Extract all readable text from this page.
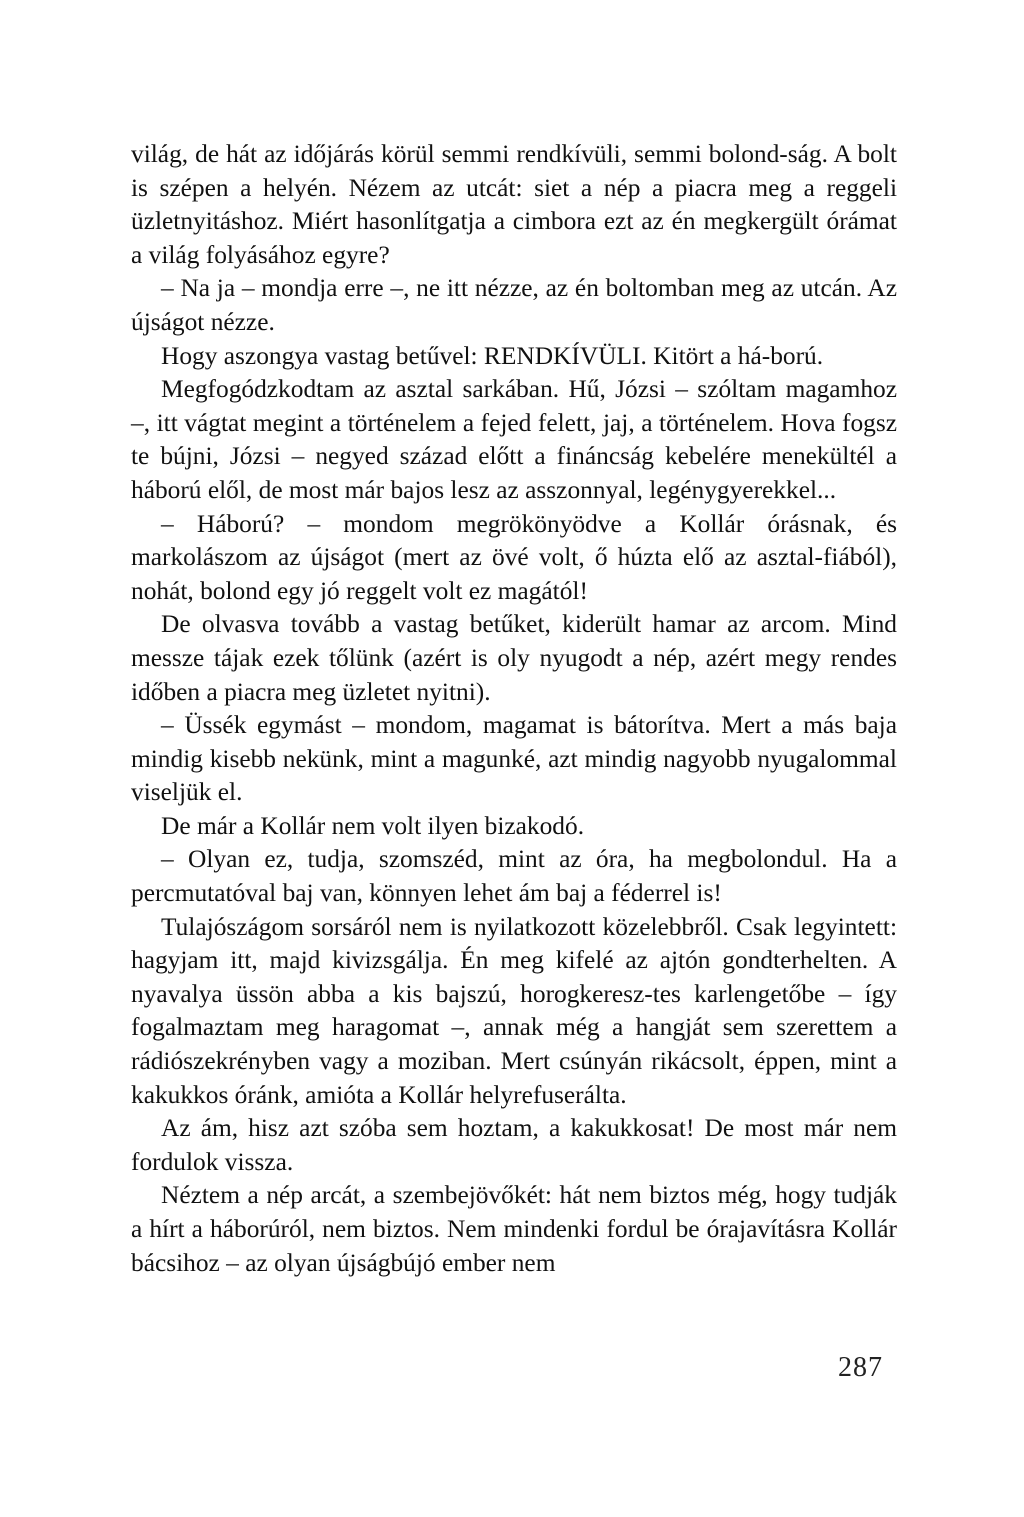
világ, de hát az időjárás körül semmi rendkívüli, semmi bolond-ság. A bolt is szépen a helyén. Nézem az utcát: siet a nép a piacra meg a reggeli üzletnyitáshoz. Miért hasonlítgatja a cimbora ezt az én megkergült órámat a világ folyásához egyre?

– Na ja – mondja erre –, ne itt nézze, az én boltomban meg az utcán. Az újságot nézze.

Hogy aszongya vastag betűvel: RENDKÍVÜLI. Kitört a há-ború.

Megfogódzkodtam az asztal sarkában. Hű, Józsi – szóltam magamhoz –, itt vágtat megint a történelem a fejed felett, jaj, a történelem. Hova fogsz te bújni, Józsi – negyed század előtt a fináncság kebelére menekültél a háború elől, de most már bajos lesz az asszonnyal, legénygyerekkel...

– Háború? – mondom megrökönyödve a Kollár órásnak, és markolászom az újságot (mert az övé volt, ő húzta elő az asztal-fiából), nohát, bolond egy jó reggelt volt ez magától!

De olvasva tovább a vastag betűket, kiderült hamar az arcom. Mind messze tájak ezek tőlünk (azért is oly nyugodt a nép, azért megy rendes időben a piacra meg üzletet nyitni).

– Üssék egymást – mondom, magamat is bátorítva. Mert a más baja mindig kisebb nekünk, mint a magunké, azt mindig nagyobb nyugalommal viseljük el.

De már a Kollár nem volt ilyen bizakodó.

– Olyan ez, tudja, szomszéd, mint az óra, ha megbolondul. Ha a percmutatóval baj van, könnyen lehet ám baj a féderrel is!

Tulajószágom sorsáról nem is nyilatkozott közelebbről. Csak legyintett: hagyjam itt, majd kivizsgálja. Én meg kifelé az ajtón gondterhelten. A nyavalya üssön abba a kis bajszú, horogkeresz-tes karlengetőbe – így fogalmaztam meg haragomat –, annak még a hangját sem szerettem a rádiószekrényben vagy a moziban. Mert csúnyán rikácsolt, éppen, mint a kakukkos óránk, amióta a Kollár helyrefuserálta.

Az ám, hisz azt szóba sem hoztam, a kakukkosat! De most már nem fordulok vissza.

Néztem a nép arcát, a szembejövőkét: hát nem biztos még, hogy tudják a hírt a háborúról, nem biztos. Nem mindenki fordul be órajavításra Kollár bácsihoz – az olyan újságbújó ember nem

287
